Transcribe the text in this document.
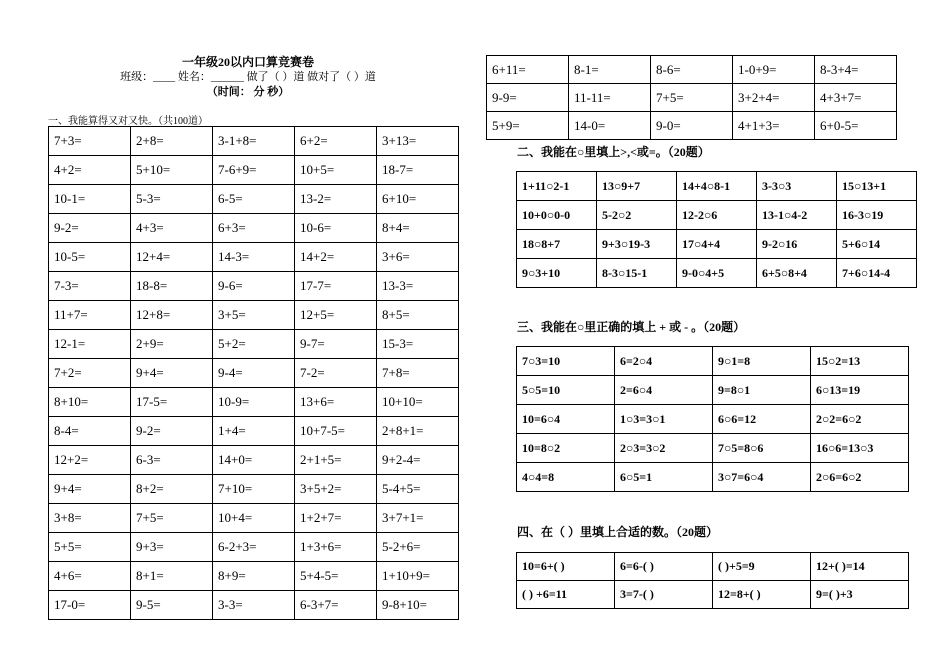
一年级20以内口算竞赛卷
班级：____ 姓名：______ 做了（ ）道 做对了（ ）道
（时间： 分 秒）
一、我能算得又对又快。（共100道）
7+3=	2+8=	3-1+8=	6+2=	3+13=
4+2=	5+10=	7-6+9=	10+5=	18-7=
10-1=	5-3=	6-5=	13-2=	6+10=
9-2=	4+3=	6+3=	10-6=	8+4=
10-5=	12+4=	14-3=	14+2=	3+6=
7-3=	18-8=	9-6=	17-7=	13-3=
11+7=	12+8=	3+5=	12+5=	8+5=
12-1=	2+9=	5+2=	9-7=	15-3=
7+2=	9+4=	9-4=	7-2=	7+8=
8+10=	17-5=	10-9=	13+6=	10+10=
8-4=	9-2=	1+4=	10+7-5=	2+8+1=
12+2=	6-3=	14+0=	2+1+5=	9+2-4=
9+4=	8+2=	7+10=	3+5+2=	5-4+5=
3+8=	7+5=	10+4=	1+2+7=	3+7+1=
5+5=	9+3=	6-2+3=	1+3+6=	5-2+6=
4+6=	8+1=	8+9=	5+4-5=	1+10+9=
17-0=	9-5=	3-3=	6-3+7=	9-8+10=
6+11=	8-1=	8-6=	1-0+9=	8-3+4=
9-9=	11-11=	7+5=	3+2+4=	4+3+7=
5+9=	14-0=	9-0=	4+1+3=	6+0-5=
二、我能在○里填上>,<或=。（20题）
1+11○2-1	13○9+7	14+4○8-1	3-3○3	15○13+1
10+0○0-0	5-2○2	12-2○6	13-1○4-2	16-3○19
18○8+7	9+3○19-3	17○4+4	9-2○16	5+6○14
9○3+10	8-3○15-1	9-0○4+5	6+5○8+4	7+6○14-4
三、我能在○里正确的填上 + 或 - 。（20题）
7○3=10	6=2○4	9○1=8	15○2=13
5○5=10	2=6○4	9=8○1	6○13=19
10=6○4	1○3=3○1	6○6=12	2○2=6○2
10=8○2	2○3=3○2	7○5=8○6	16○6=13○3
4○4=8	6○5=1	3○7=6○4	2○6=6○2
四、在（ ）里填上合适的数。（20题）
10=6+( )	6=6-( )	( )+5=9	12+( )=14
( ) +6=11	3=7-( )	12=8+( )	9=( )+3
